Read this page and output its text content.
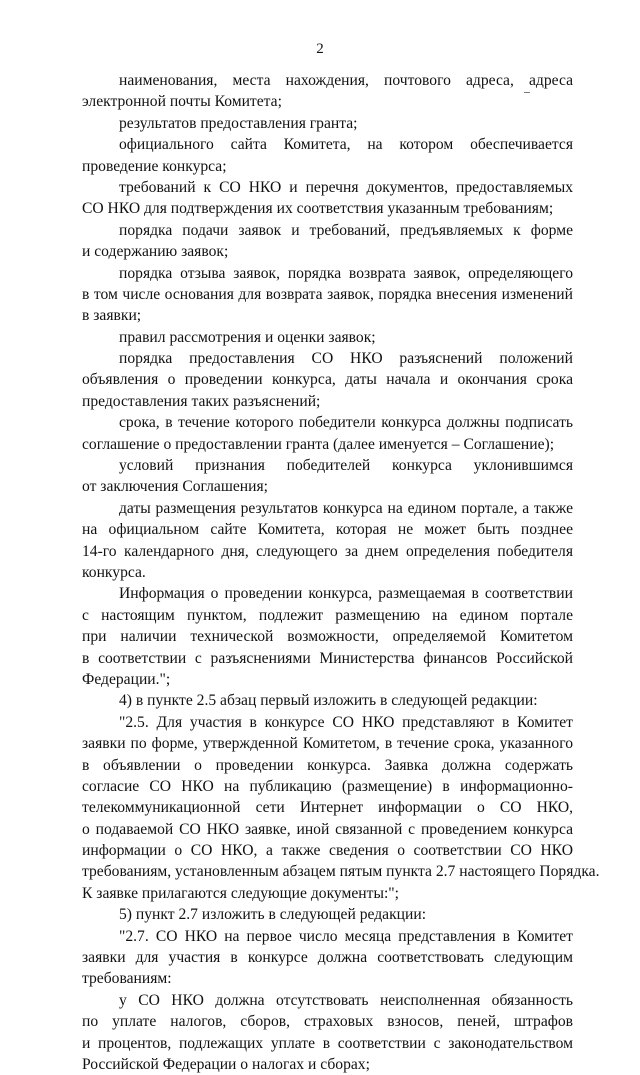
2
наименования, места нахождения, почтового адреса, адреса
электронной почты Комитета;
результатов предоставления гранта;
официального сайта Комитета, на котором обеспечивается
проведение конкурса;
требований к СО НКО и перечня документов, предоставляемых
СО НКО для подтверждения их соответствия указанным требованиям;
порядка подачи заявок и требований, предъявляемых к форме
и содержанию заявок;
порядка отзыва заявок, порядка возврата заявок, определяющего
в том числе основания для возврата заявок, порядка внесения изменений
в заявки;
правил рассмотрения и оценки заявок;
порядка предоставления СО НКО разъяснений положений
объявления о проведении конкурса, даты начала и окончания срока
предоставления таких разъяснений;
срока, в течение которого победители конкурса должны подписать
соглашение о предоставлении гранта (далее именуется – Соглашение);
условий признания победителей конкурса уклонившимся
от заключения Соглашения;
даты размещения результатов конкурса на едином портале, а также
на официальном сайте Комитета, которая не может быть позднее
14-го календарного дня, следующего за днем определения победителя
конкурса.
Информация о проведении конкурса, размещаемая в соответствии
с настоящим пунктом, подлежит размещению на едином портале
при наличии технической возможности, определяемой Комитетом
в соответствии с разъяснениями Министерства финансов Российской
Федерации.";
4) в пункте 2.5 абзац первый изложить в следующей редакции:
"2.5. Для участия в конкурсе СО НКО представляют в Комитет
заявки по форме, утвержденной Комитетом, в течение срока, указанного
в объявлении о проведении конкурса. Заявка должна содержать
согласие СО НКО на публикацию (размещение) в информационно-
телекоммуникационной сети Интернет информации о СО НКО,
о подаваемой СО НКО заявке, иной связанной с проведением конкурса
информации о СО НКО, а также сведения о соответствии СО НКО
требованиям, установленным абзацем пятым пункта 2.7 настоящего Порядка.
К заявке прилагаются следующие документы:";
5) пункт 2.7 изложить в следующей редакции:
"2.7. СО НКО на первое число месяца представления в Комитет
заявки для участия в конкурсе должна соответствовать следующим
требованиям:
у СО НКО должна отсутствовать неисполненная обязанность
по уплате налогов, сборов, страховых взносов, пеней, штрафов
и процентов, подлежащих уплате в соответствии с законодательством
Российской Федерации о налогах и сборах;
